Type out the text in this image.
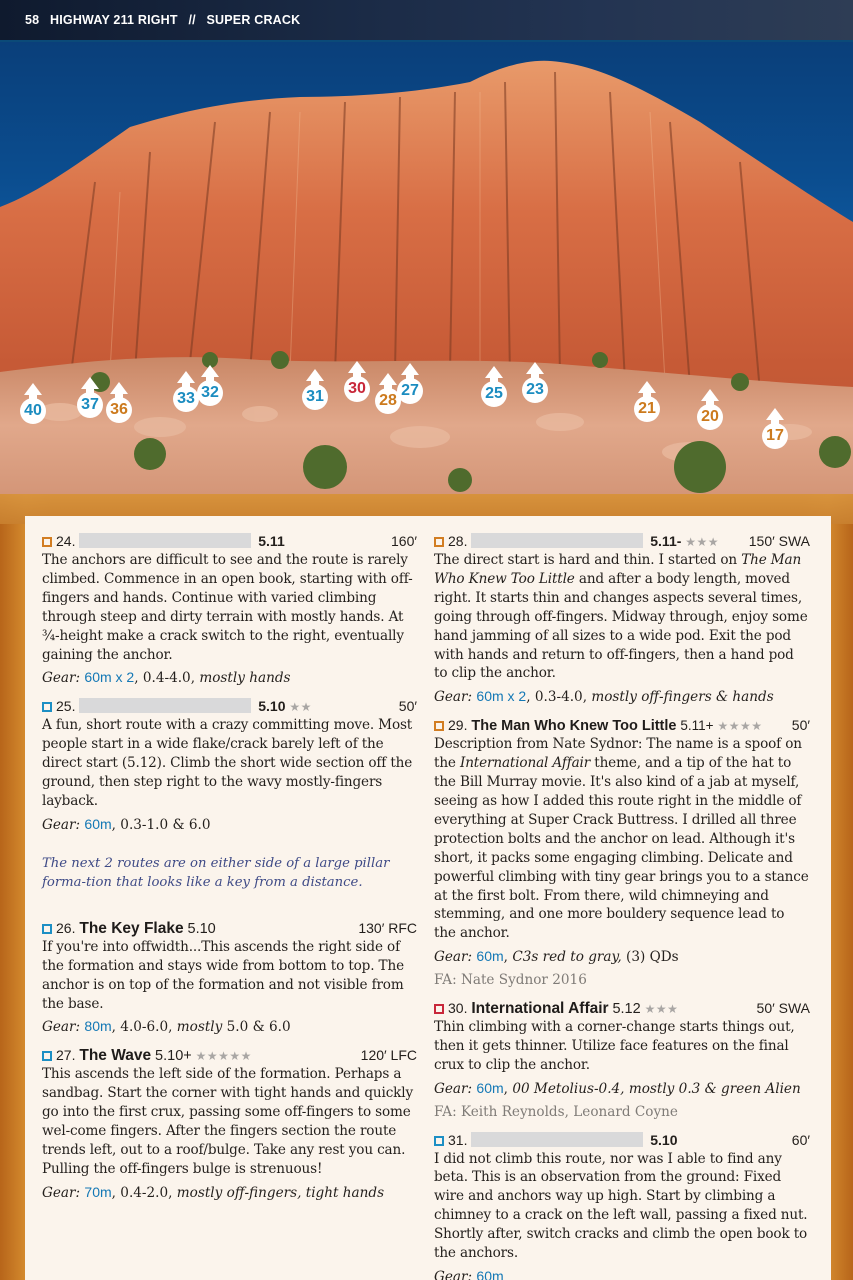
58 HIGHWAY 211 RIGHT // SUPER CRACK
40 37 36
33 32	31 30
28
27	25 23
21	20
17
24.	5.11	160′
The anchors are difficult to see and the route is rarely climbed. Commence in an open book, starting with off-fingers and hands. Continue with varied climbing through steep and dirty terrain with mostly hands. At ¾-height make a crack switch to the right, eventually gaining the anchor.
Gear: 60m x 2, 0.4-4.0, mostly hands
25.	5.10 ★★	50′
A fun, short route with a crazy committing move. Most people start in a wide flake/crack barely left of the direct start (5.12). Climb the short wide section off the ground, then step right to the wavy mostly-fingers layback.
Gear: 60m, 0.3-1.0 & 6.0
The next 2 routes are on either side of a large pillar forma-tion that looks like a key from a distance.
26. The Key Flake 5.10	130′ RFC
If you're into offwidth...This ascends the right side of the formation and stays wide from bottom to top. The anchor is on top of the formation and not visible from the base.
Gear: 80m, 4.0-6.0, mostly 5.0 & 6.0
27. The Wave 5.10+ ★★★★★	120′ LFC
This ascends the left side of the formation. Perhaps a sandbag. Start the corner with tight hands and quickly go into the first crux, passing some off-fingers to some wel-come fingers. After the fingers section the route trends left, out to a roof/bulge. Take any rest you can. Pulling the off-fingers bulge is strenuous!
Gear: 70m, 0.4-2.0, mostly off-fingers, tight hands
28.	5.11- ★★★ 150′ SWA
The direct start is hard and thin. I started on The Man Who Knew Too Little and after a body length, moved right. It starts thin and changes aspects several times, going through off-fingers. Midway through, enjoy some hand jamming of all sizes to a wide pod. Exit the pod with hands and return to off-fingers, then a hand pod to clip the anchor.
Gear: 60m x 2, 0.3-4.0, mostly off-fingers & hands
29. The Man Who Knew Too Little 5.11+ ★★★★ 50′
Description from Nate Sydnor: The name is a spoof on the International Affair theme, and a tip of the hat to the Bill Murray movie. It's also kind of a jab at myself, seeing as how I added this route right in the middle of everything at Super Crack Buttress. I drilled all three protection bolts and the anchor on lead. Although it's short, it packs some engaging climbing. Delicate and powerful climbing with tiny gear brings you to a stance at the first bolt. From there, wild chimneying and stemming, and one more bouldery sequence lead to the anchor.
Gear: 60m, C3s red to gray, (3) QDs
FA: Nate Sydnor 2016
30. International Affair 5.12 ★★★	50′ SWA
Thin climbing with a corner-change starts things out, then it gets thinner. Utilize face features on the final crux to clip the anchor.
Gear: 60m, 00 Metolius-0.4, mostly 0.3 & green Alien
FA: Keith Reynolds, Leonard Coyne
31.	5.10	60′
I did not climb this route, nor was I able to find any beta. This is an observation from the ground: Fixed wire and anchors way up high. Start by climbing a chimney to a crack on the left wall, passing a fixed nut. Shortly after, switch cracks and climb the open book to the anchors.
Gear: 60m
